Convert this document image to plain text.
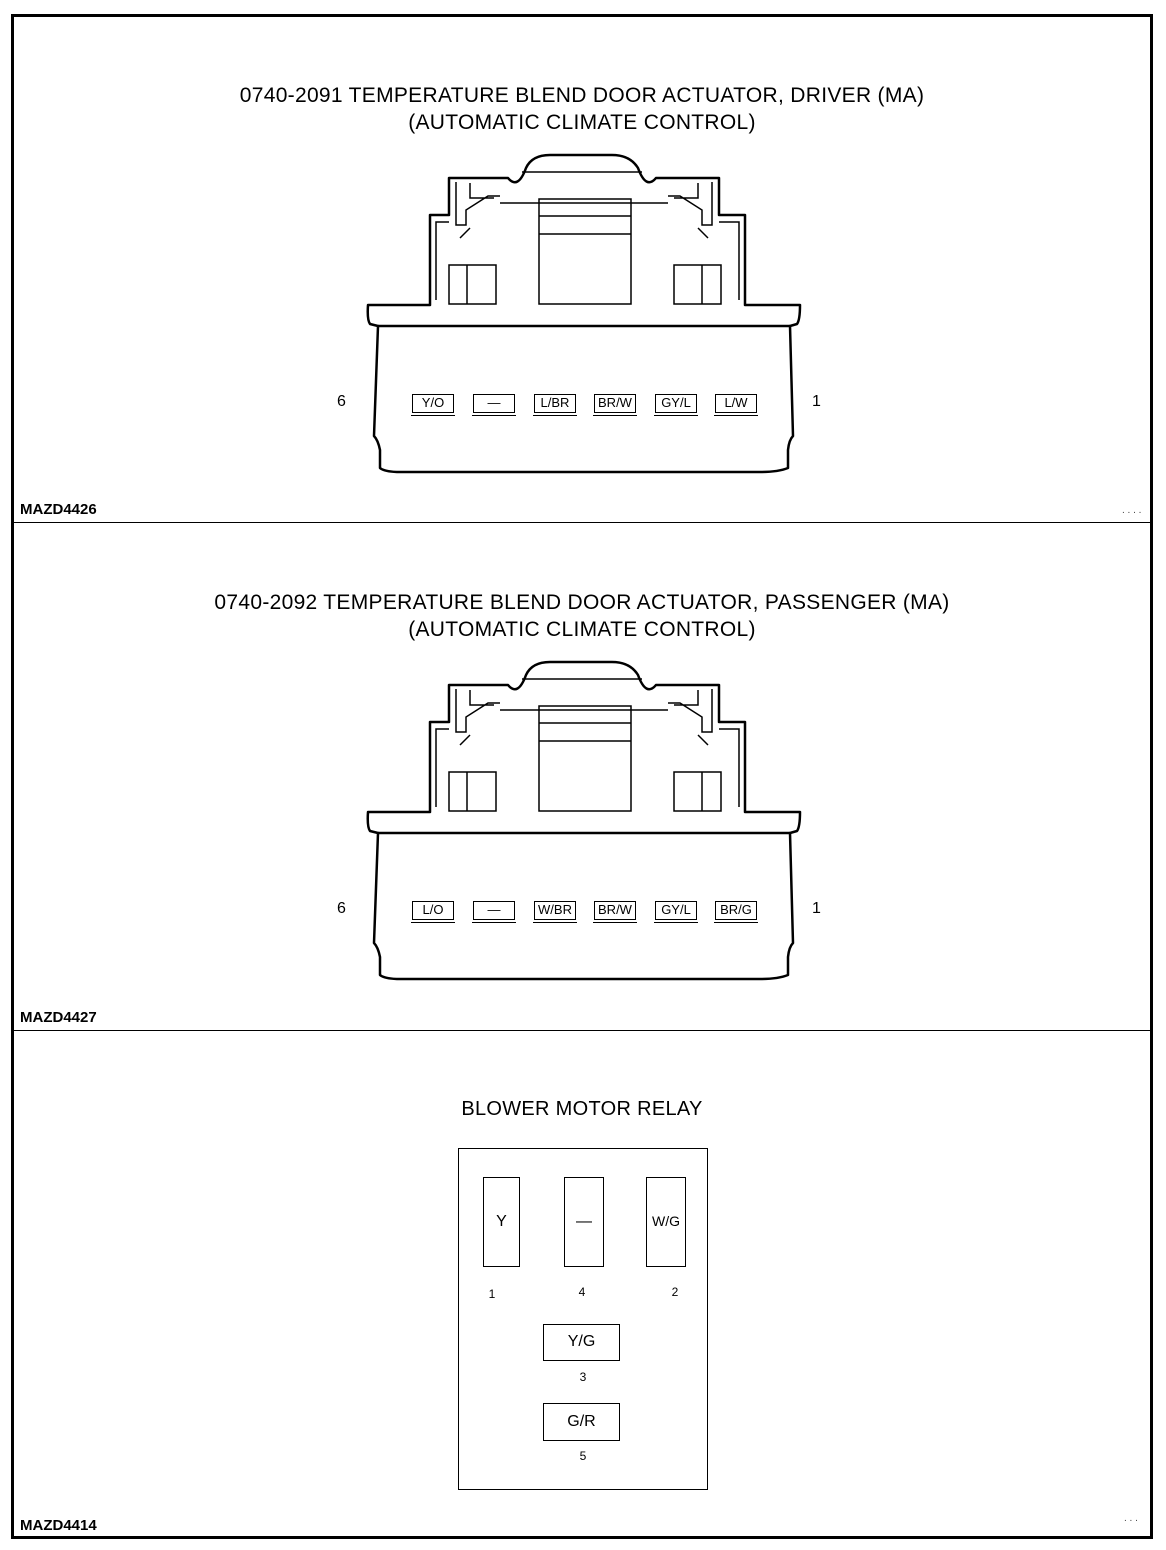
0740-2091 TEMPERATURE BLEND DOOR ACTUATOR, DRIVER (MA)
(AUTOMATIC CLIMATE CONTROL)
6	1
Y/O	—	L/BR	BR/W	GY/L	L/W
MAZD4426
0740-2092 TEMPERATURE BLEND DOOR ACTUATOR, PASSENGER (MA)
(AUTOMATIC CLIMATE CONTROL)
6	1
L/O	—	W/BR	BR/W	GY/L	BR/G
MAZD4427
BLOWER MOTOR RELAY
Y	—	W/G
Y/G
G/R
1	4	2
3
5
MAZD4414
. . . .
. . .
